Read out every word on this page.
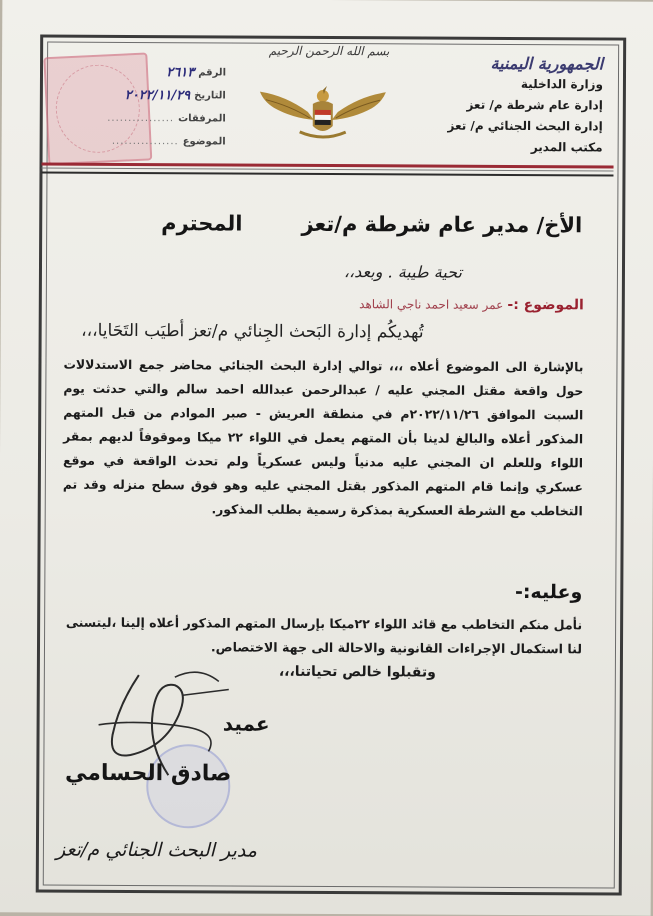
الجمهورية اليمنية
وزارة الداخلية
إدارة عام شرطة م/ تعز
إدارة البحث الجنائي م/ تعز
مكتب المدير
بسم الله الرحمن الرحيم
الرقم
٢٦١٣
التاريخ
٢٠٢٢/١١/٢٩
المرفقات
................
الموضوع
................
الأخ/ مدير عام شرطة م/تعز
المحترم
تحية طيبة . وبعد،،
الموضوع :- عمر سعيد احمد ناجي الشاهد
تُهديكُم إدارة البَحث الجِنائي م/تعز أطيَب التَحَايا،،،
بالإشارة الى الموضوع أعلاه ،،، توالي إدارة البحث الجنائي محاضر جمع الاستدلالات حول واقعة مقتل المجني عليه / عبدالرحمن عبدالله احمد سالم والتي حدثت يوم السبت الموافق ٢٠٢٢/١١/٢٦م في منطقة العريش - صبر الموادم من قبل المتهم المذكور أعلاه والبالغ لدينا بأن المتهم يعمل في اللواء ٢٢ ميكا وموقوفاً لديهم بمقر اللواء وللعلم ان المجني عليه مدنياً وليس عسكرياً ولم تحدث الواقعة في موقع عسكري وإنما قام المتهم المذكور بقتل المجني عليه وهو فوق سطح منزله وقد تم التخاطب مع الشرطة العسكرية بمذكرة رسمية بطلب المذكور.
وعليه:-
نأمل منكم التخاطب مع قائد اللواء ٢٢ميكا بإرسال المتهم المذكور أعلاه إلينا ،ليتسنى لنا استكمال الإجراءات القانونية والاحالة الى جهة الاختصاص.
وتقبلوا خالص تحياتنا،،،
عميد
صادق الحسامي
مدير البحث الجنائي م/تعز
